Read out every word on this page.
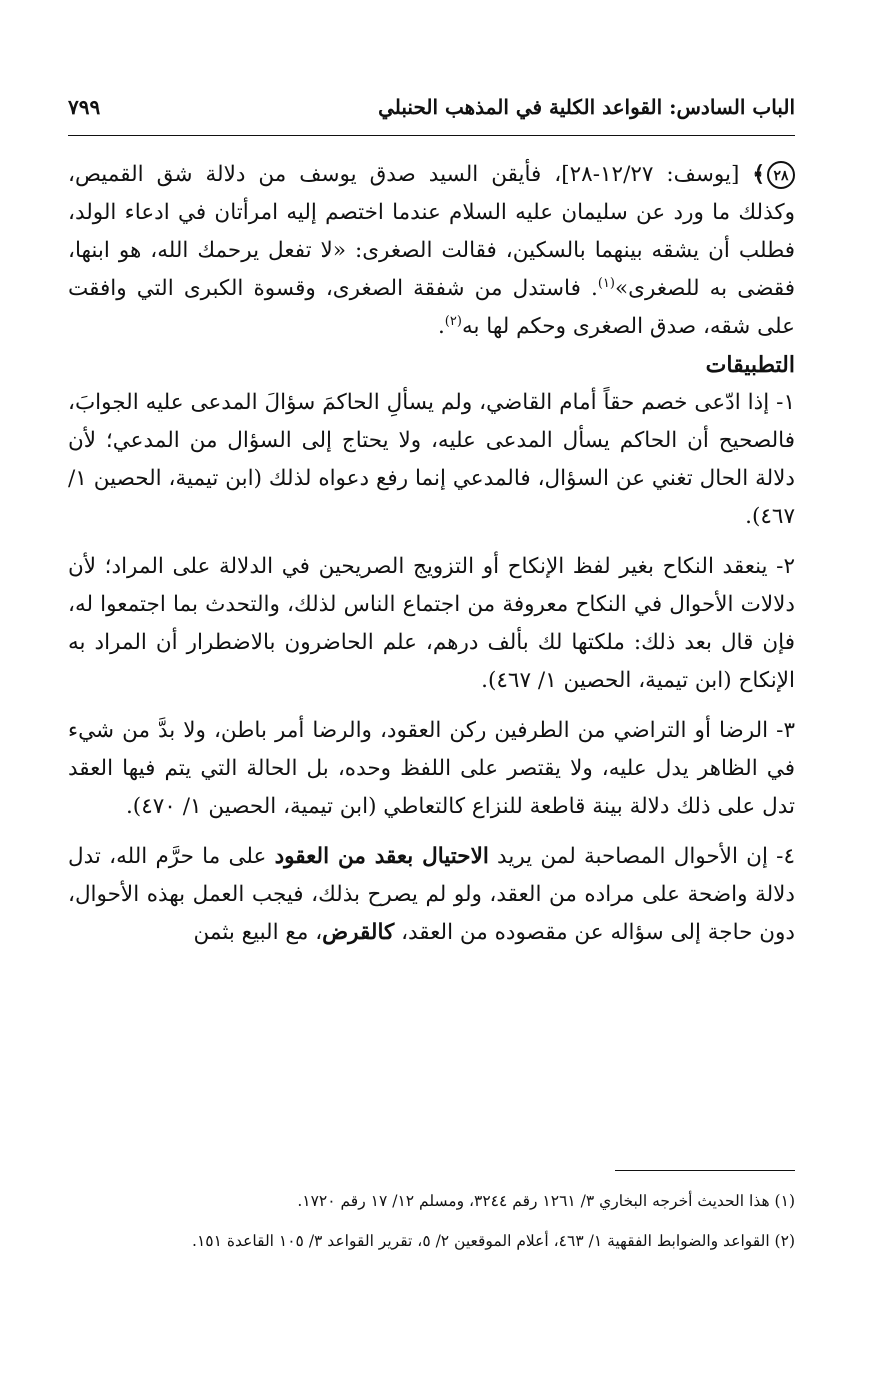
الباب السادس: القواعد الكلية في المذهب الحنبلي
٧٩٩

٢٨﴾ [يوسف: ١٢/٢٧-٢٨]، فأيقن السيد صدق يوسف من دلالة شق القميص، وكذلك ما ورد عن سليمان عليه السلام عندما اختصم إليه امرأتان في ادعاء الولد، فطلب أن يشقه بينهما بالسكين، فقالت الصغرى: «لا تفعل يرحمك الله، هو ابنها، فقضى به للصغرى»$^{(١)}$. فاستدل من شفقة الصغرى، وقسوة الكبرى التي وافقت على شقه، صدق الصغرى وحكم لها به$^{(٢)}$.

التطبيقات

١- إذا ادّعى خصم حقاً أمام القاضي، ولم يسألِ الحاكمَ سؤالَ المدعى عليه الجوابَ، فالصحيح أن الحاكم يسأل المدعى عليه، ولا يحتاج إلى السؤال من المدعي؛ لأن دلالة الحال تغني عن السؤال، فالمدعي إنما رفع دعواه لذلك (ابن تيمية، الحصين ١/ ٤٦٧).

٢- ينعقد النكاح بغير لفظ الإنكاح أو التزويج الصريحين في الدلالة على المراد؛ لأن دلالات الأحوال في النكاح معروفة من اجتماع الناس لذلك، والتحدث بما اجتمعوا له، فإن قال بعد ذلك: ملكتها لك بألف درهم، علم الحاضرون بالاضطرار أن المراد به الإنكاح (ابن تيمية، الحصين ١/ ٤٦٧).

٣- الرضا أو التراضي من الطرفين ركن العقود، والرضا أمر باطن، ولا بدَّ من شيء في الظاهر يدل عليه، ولا يقتصر على اللفظ وحده، بل الحالة التي يتم فيها العقد تدل على ذلك دلالة بينة قاطعة للنزاع كالتعاطي (ابن تيمية، الحصين ١/ ٤٧٠).

٤- إن الأحوال المصاحبة لمن يريد الاحتيال بعقد من العقود على ما حرَّم الله، تدل دلالة واضحة على مراده من العقد، ولو لم يصرح بذلك، فيجب العمل بهذه الأحوال، دون حاجة إلى سؤاله عن مقصوده من العقد، كالقرض، مع البيع بثمن

(١) هذا الحديث أخرجه البخاري ٣/ ١٢٦١ رقم ٣٢٤٤، ومسلم ١٢/ ١٧ رقم ١٧٢٠.

(٢) القواعد والضوابط الفقهية ١/ ٤٦٣، أعلام الموقعين ٢/ ٥، تقرير القواعد ٣/ ١٠٥ القاعدة ١٥١.
